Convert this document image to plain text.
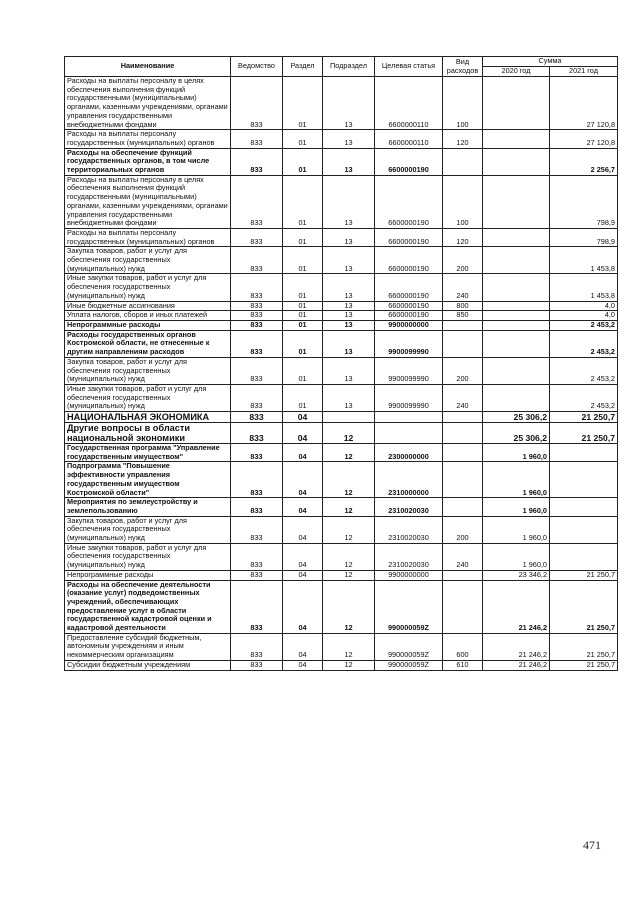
Наименование	Ведомство	Раздел	Подраздел	Целевая статья	Вид расходов	Сумма	
						2020 год	2021 год
Расходы на выплаты персоналу в целях обеспечения выполнения функций государственными (муниципальными) органами, казенными учреждениями, органами управления государственными внебюджетными фондами	833	01	13	6600000110	100		27 120,8
Расходы на выплаты персоналу государственных (муниципальных) органов	833	01	13	6600000110	120		27 120,8
Расходы на обеспечение функций государственных органов, в том числе территориальных органов	833	01	13	6600000190			2 256,7
Расходы на выплаты персоналу в целях обеспечения выполнения функций государственными (муниципальными) органами, казенными учреждениями, органами управления государственными внебюджетными фондами	833	01	13	6600000190	100		798,9
Расходы на выплаты персоналу государственных (муниципальных) органов	833	01	13	6600000190	120		798,9
Закупка товаров, работ и услуг для обеспечения государственных (муниципальных) нужд	833	01	13	6600000190	200		1 453,8
Иные закупки товаров, работ и услуг для обеспечения государственных (муниципальных) нужд	833	01	13	6600000190	240		1 453,8
Иные бюджетные ассигнования	833	01	13	6600000190	800		4,0
Уплата налогов, сборов и иных платежей	833	01	13	6600000190	850		4,0
Непрограммные расходы	833	01	13	9900000000			2 453,2
Расходы государственных органов Костромской области, не отнесенные к другим направлениям расходов	833	01	13	9900099990			2 453,2
Закупка товаров, работ и услуг для обеспечения государственных (муниципальных) нужд	833	01	13	9900099990	200		2 453,2
Иные закупки товаров, работ и услуг для обеспечения государственных (муниципальных) нужд	833	01	13	9900099990	240		2 453,2
НАЦИОНАЛЬНАЯ ЭКОНОМИКА	833	04				25 306,2	21 250,7
Другие вопросы в области национальной экономики	833	04	12			25 306,2	21 250,7
Государственная программа "Управление государственным имуществом"	833	04	12	2300000000		1 960,0	
Подпрограмма "Повышение эффективности управления государственным имуществом Костромской области"	833	04	12	2310000000		1 960,0	
Мероприятия по землеустройству и землепользованию	833	04	12	2310020030		1 960,0	
Закупка товаров, работ и услуг для обеспечения государственных (муниципальных) нужд	833	04	12	2310020030	200	1 960,0	
Иные закупки товаров, работ и услуг для обеспечения государственных (муниципальных) нужд	833	04	12	2310020030	240	1 960,0	
Непрограммные расходы	833	04	12	9900000000		23 346,2	21 250,7
Расходы на обеспечение деятельности (оказание услуг) подведомственных учреждений, обеспечивающих предоставление услуг в области государственной кадастровой оценки и кадастровой деятельности	833	04	12	990000059Z		21 246,2	21 250,7
Предоставление субсидий бюджетным, автономным учреждениям и иным некоммерческим организациям	833	04	12	990000059Z	600	21 246,2	21 250,7
Субсидии бюджетным учреждениям	833	04	12	990000059Z	610	21 246,2	21 250,7
471
